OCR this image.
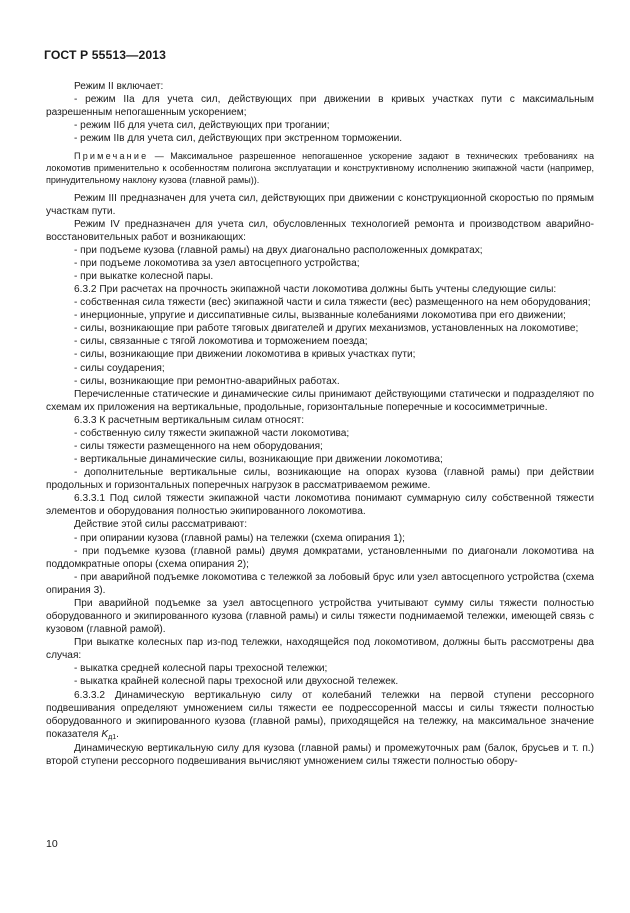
ГОСТ Р 55513—2013

Режим II включает:

- режим IIа для учета сил, действующих при движении в кривых участках пути с максимальным разрешенным непогашенным ускорением;

- режим IIб для учета сил, действующих при трогании;

- режим IIв для учета сил, действующих при экстренном торможении.

Примечание — Максимальное разрешенное непогашенное ускорение задают в технических требованиях на локомотив применительно к особенностям полигона эксплуатации и конструктивному исполнению экипажной части (например, принудительному наклону кузова (главной рамы)).

Режим III предназначен для учета сил, действующих при движении с конструкционной скоростью по прямым участкам пути.

Режим IV предназначен для учета сил, обусловленных технологией ремонта и производством аварийно-восстановительных работ и возникающих:

- при подъеме кузова (главной рамы) на двух диагонально расположенных домкратах;

- при подъеме локомотива за узел автосцепного устройства;

- при выкатке колесной пары.

6.3.2 При расчетах на прочность экипажной части локомотива должны быть учтены следующие силы:

- собственная сила тяжести (вес) экипажной части и сила тяжести (вес) размещенного на нем оборудования;

- инерционные, упругие и диссипативные силы, вызванные колебаниями локомотива при его движении;

- силы, возникающие при работе тяговых двигателей и других механизмов, установленных на локомотиве;

- силы, связанные с тягой локомотива и торможением поезда;

- силы, возникающие при движении локомотива в кривых участках пути;

- силы соударения;

- силы, возникающие при ремонтно-аварийных работах.

Перечисленные статические и динамические силы принимают действующими статически и подразделяют по схемам их приложения на вертикальные, продольные, горизонтальные поперечные и кососимметричные.

6.3.3 К расчетным вертикальным силам относят:

- собственную силу тяжести экипажной части локомотива;

- силы тяжести размещенного на нем оборудования;

- вертикальные динамические силы, возникающие при движении локомотива;

- дополнительные вертикальные силы, возникающие на опорах кузова (главной рамы) при действии продольных и горизонтальных поперечных нагрузок в рассматриваемом режиме.

6.3.3.1 Под силой тяжести экипажной части локомотива понимают суммарную силу собственной тяжести элементов и оборудования полностью экипированного локомотива.

Действие этой силы рассматривают:

- при опирании кузова (главной рамы) на тележки (схема опирания 1);

- при подъемке кузова (главной рамы) двумя домкратами, установленными по диагонали локомотива на поддомкратные опоры (схема опирания 2);

- при аварийной подъемке локомотива с тележкой за лобовый брус или узел автосцепного устройства (схема опирания 3).

При аварийной подъемке за узел автосцепного устройства учитывают сумму силы тяжести полностью оборудованного и экипированного кузова (главной рамы) и силы тяжести поднимаемой тележки, имеющей связь с кузовом (главной рамой).

При выкатке колесных пар из-под тележки, находящейся под локомотивом, должны быть рассмотрены два случая:

- выкатка средней колесной пары трехосной тележки;

- выкатка крайней колесной пары трехосной или двухосной тележек.

6.3.3.2 Динамическую вертикальную силу от колебаний тележки на первой ступени рессорного подвешивания определяют умножением силы тяжести ее подрессоренной массы и силы тяжести полностью оборудованного и экипированного кузова (главной рамы), приходящейся на тележку, на максимальное значение показателя Kд1.

Динамическую вертикальную силу для кузова (главной рамы) и промежуточных рам (балок, брусьев и т. п.) второй ступени рессорного подвешивания вычисляют умножением силы тяжести полностью обору-

10
